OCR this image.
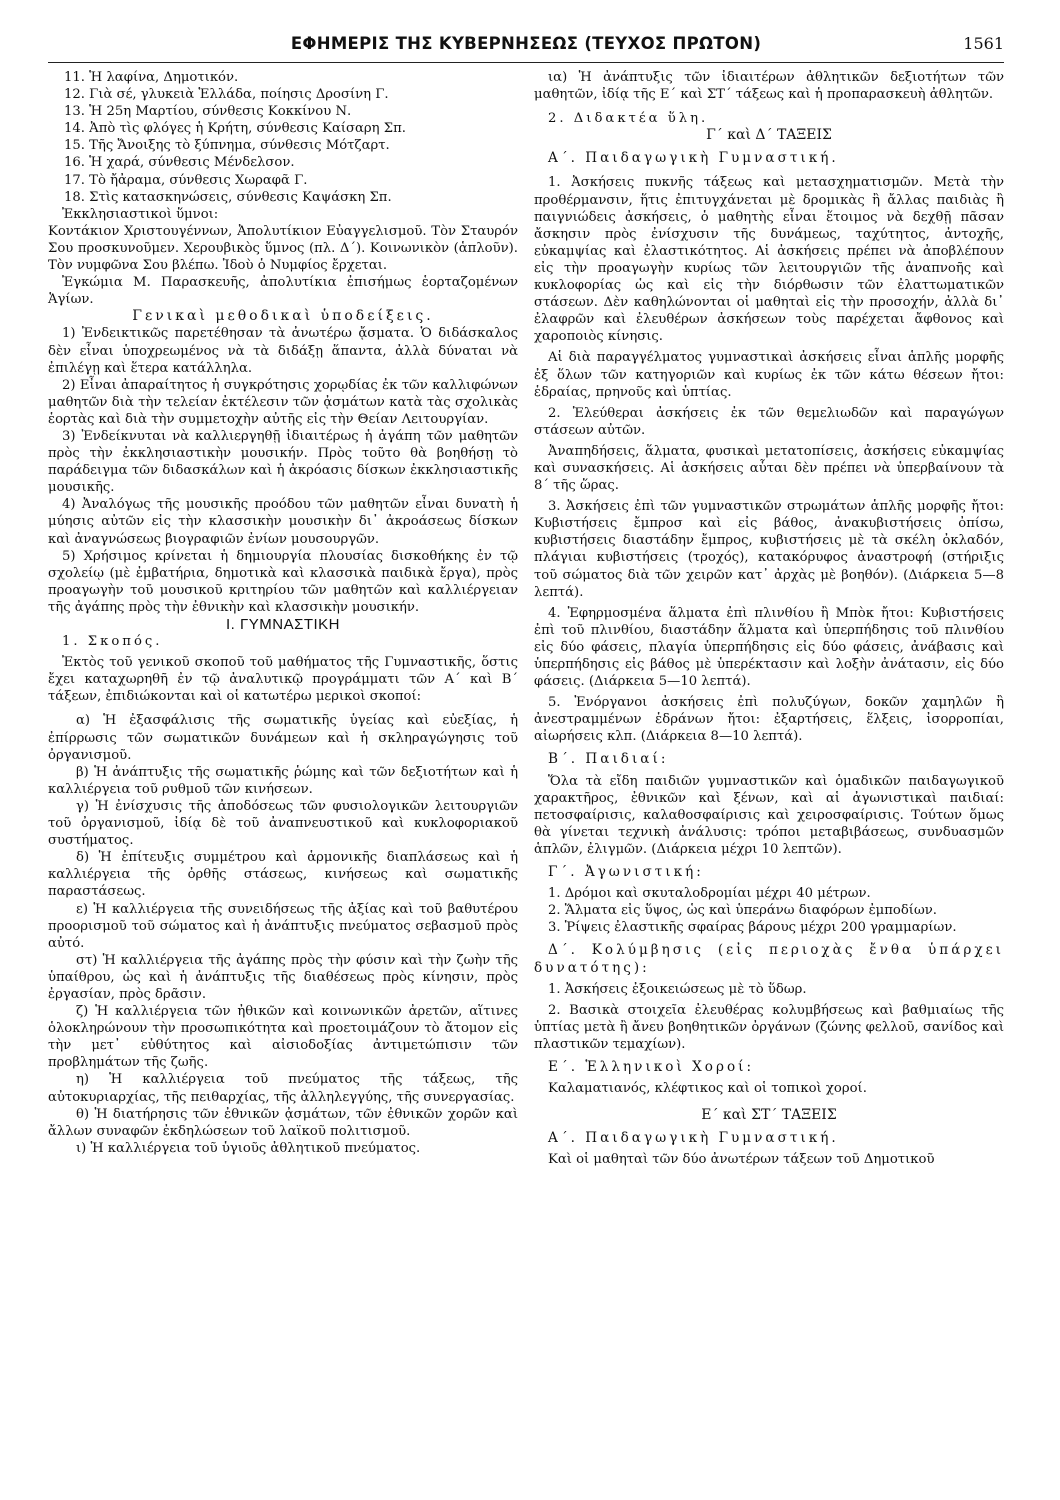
ΕΦΗΜΕΡΙΣ ΤΗΣ ΚΥΒΕΡΝΗΣΕΩΣ (ΤΕΥΧΟΣ ΠΡΩΤΟΝ)	1561

11. Ἡ λαφίνα, Δημοτικόν.

12. Γιὰ σέ, γλυκειὰ Ἑλλάδα, ποίησις Δροσίνη Γ.

13. Ἡ 25η Μαρτίου, σύνθεσις Κοκκίνου Ν.

14. Ἀπὸ τὶς φλόγες ἡ Κρήτη, σύνθεσις Καίσαρη Σπ.

15. Τῆς Ἄνοιξης τὸ ξύπνημα, σύνθεσις Μότζαρτ.

16. Ἡ χαρά, σύνθεσις Μένδελσον.

17. Τὸ ἤἀραμα, σύνθεσις Χωραφᾶ Γ.

18. Στὶς κατασκηνώσεις, σύνθεσις Καψάσκη Σπ.

Ἐκκλησιαστικοὶ ὕμνοι:

Κοντάκιον Χριστουγέννων, Ἀπολυτίκιον Εὐαγγελισμοῦ. Τὸν Σταυρόν Σου προσκυνοῦμεν. Χερουβικὸς ὕμνος (πλ. Δ΄). Κοινωνικὸν (ἁπλοῦν). Τὸν νυμφῶνα Σου βλέπω. Ἰδοὺ ὁ Νυμφίος ἔρχεται.

Ἐγκώμια Μ. Παρασκευῆς, ἀπολυτίκια ἐπισήμως ἑορταζομένων Ἁγίων.

Γενικαὶ μεθοδικαὶ ὑποδείξεις.

1) Ἐνδεικτικῶς παρετέθησαν τὰ ἀνωτέρω ᾄσματα. Ὁ διδάσκαλος δὲν εἶναι ὑποχρεωμένος νὰ τὰ διδάξῃ ἅπαντα, ἀλλὰ δύναται νὰ ἐπιλέγῃ καὶ ἕτερα κατάλληλα.

2) Εἶναι ἀπαραίτητος ἡ συγκρότησις χορῳδίας ἐκ τῶν καλλιφώνων μαθητῶν διὰ τὴν τελείαν ἐκτέλεσιν τῶν ᾀσμάτων κατὰ τὰς σχολικὰς ἑορτὰς καὶ διὰ τὴν συμμετοχὴν αὐτῆς εἰς τὴν Θείαν Λειτουργίαν.

3) Ἐνδείκνυται νὰ καλλιεργηθῇ ἰδιαιτέρως ἡ ἀγάπη τῶν μαθητῶν πρὸς τὴν ἐκκλησιαστικὴν μουσικήν. Πρὸς τοῦτο θὰ βοηθήσῃ τὸ παράδειγμα τῶν διδασκάλων καὶ ἡ ἀκρόασις δίσκων ἐκκλησιαστικῆς μουσικῆς.

4) Ἀναλόγως τῆς μουσικῆς προόδου τῶν μαθητῶν εἶναι δυνατὴ ἡ μύησις αὐτῶν εἰς τὴν κλασσικὴν μουσικὴν δι᾽ ἀκροάσεως δίσκων καὶ ἀναγνώσεως βιογραφιῶν ἐνίων μουσουργῶν.

5) Χρήσιμος κρίνεται ἡ δημιουργία πλουσίας δισκοθήκης ἐν τῷ σχολείῳ (μὲ ἐμβατήρια, δημοτικὰ καὶ κλασσικὰ παιδικὰ ἔργα), πρὸς προαγωγὴν τοῦ μουσικοῦ κριτηρίου τῶν μαθητῶν καὶ καλλιέργειαν τῆς ἀγάπης πρὸς τὴν ἐθνικὴν καὶ κλασσικὴν μουσικήν.

Ι. ΓΥΜΝΑΣΤΙΚΗ

1. Σκοπός.

Ἐκτὸς τοῦ γενικοῦ σκοποῦ τοῦ μαθήματος τῆς Γυμναστικῆς, ὅστις ἔχει καταχωρηθῆ ἐν τῷ ἀναλυτικῷ προγράμματι τῶν Α΄ καὶ Β΄ τάξεων, ἐπιδιώκονται καὶ οἱ κατωτέρω μερικοὶ σκοποί:

α) Ἡ ἐξασφάλισις τῆς σωματικῆς ὑγείας καὶ εὐεξίας, ἡ ἐπίρρωσις τῶν σωματικῶν δυνάμεων καὶ ἡ σκληραγώγησις τοῦ ὀργανισμοῦ.

β) Ἡ ἀνάπτυξις τῆς σωματικῆς ῥώμης καὶ τῶν δεξιοτήτων καὶ ἡ καλλιέργεια τοῦ ρυθμοῦ τῶν κινήσεων.

γ) Ἡ ἐνίσχυσις τῆς ἀποδόσεως τῶν φυσιολογικῶν λειτουργιῶν τοῦ ὀργανισμοῦ, ἰδίᾳ δὲ τοῦ ἀναπνευστικοῦ καὶ κυκλοφοριακοῦ συστήματος.

δ) Ἡ ἐπίτευξις συμμέτρου καὶ ἁρμονικῆς διαπλάσεως καὶ ἡ καλλιέργεια τῆς ὀρθῆς στάσεως, κινήσεως καὶ σωματικῆς παραστάσεως.

ε) Ἡ καλλιέργεια τῆς συνειδήσεως τῆς ἀξίας καὶ τοῦ βαθυτέρου προορισμοῦ τοῦ σώματος καὶ ἡ ἀνάπτυξις πνεύματος σεβασμοῦ πρὸς αὐτό.

στ) Ἡ καλλιέργεια τῆς ἀγάπης πρὸς τὴν φύσιν καὶ τὴν ζωὴν τῆς ὑπαίθρου, ὡς καὶ ἡ ἀνάπτυξις τῆς διαθέσεως πρὸς κίνησιν, πρὸς ἐργασίαν, πρὸς δρᾶσιν.

ζ) Ἡ καλλιέργεια τῶν ἠθικῶν καὶ κοινωνικῶν ἀρετῶν, αἵτινες ὁλοκληρώνουν τὴν προσωπικότητα καὶ προετοιμάζουν τὸ ἄτομον εἰς τὴν μετ᾽ εὐθύτητος καὶ αἰσιοδοξίας ἀντιμετώπισιν τῶν προβλημάτων τῆς ζωῆς.

η) Ἡ καλλιέργεια τοῦ πνεύματος τῆς τάξεως, τῆς αὐτοκυριαρχίας, τῆς πειθαρχίας, τῆς ἀλληλεγγύης, τῆς συνεργασίας.

θ) Ἡ διατήρησις τῶν ἐθνικῶν ᾀσμάτων, τῶν ἐθνικῶν χορῶν καὶ ἄλλων συναφῶν ἐκδηλώσεων τοῦ λαϊκοῦ πολιτισμοῦ.

ι) Ἡ καλλιέργεια τοῦ ὑγιοῦς ἀθλητικοῦ πνεύματος.

ια) Ἡ ἀνάπτυξις τῶν ἰδιαιτέρων ἀθλητικῶν δεξιοτήτων τῶν μαθητῶν, ἰδίᾳ τῆς Ε΄ καὶ ΣΤ΄ τάξεως καὶ ἡ προπαρασκευὴ ἀθλητῶν.

2. Διδακτέα ὕλη.

Γ΄ καὶ Δ΄ ΤΑΞΕΙΣ

Α΄. Παιδαγωγικὴ Γυμναστική.

1. Ἀσκήσεις πυκνῆς τάξεως καὶ μετασχηματισμῶν. Μετὰ τὴν προθέρμανσιν, ἥτις ἐπιτυγχάνεται μὲ δρομικὰς ἢ ἄλλας παιδιὰς ἢ παιγνιώδεις ἀσκήσεις, ὁ μαθητὴς εἶναι ἕτοιμος νὰ δεχθῇ πᾶσαν ἄσκησιν πρὸς ἐνίσχυσιν τῆς δυνάμεως, ταχύτητος, ἀντοχῆς, εὐκαμψίας καὶ ἐλαστικότητος. Αἱ ἀσκήσεις πρέπει νὰ ἀποβλέπουν εἰς τὴν προαγωγὴν κυρίως τῶν λειτουργιῶν τῆς ἀναπνοῆς καὶ κυκλοφορίας ὡς καὶ εἰς τὴν διόρθωσιν τῶν ἐλαττωματικῶν στάσεων. Δὲν καθηλώνονται οἱ μαθηταὶ εἰς τὴν προσοχήν, ἀλλὰ δι᾽ ἐλαφρῶν καὶ ἐλευθέρων ἀσκήσεων τοὺς παρέχεται ἄφθονος καὶ χαροποιὸς κίνησις.

Αἱ διὰ παραγγέλματος γυμναστικαὶ ἀσκήσεις εἶναι ἁπλῆς μορφῆς ἐξ ὅλων τῶν κατηγοριῶν καὶ κυρίως ἐκ τῶν κάτω θέσεων ἤτοι: ἑδραίας, πρηνοῦς καὶ ὑπτίας.

2. Ἐλεύθεραι ἀσκήσεις ἐκ τῶν θεμελιωδῶν καὶ παραγώγων στάσεων αὐτῶν.

Ἀναπηδήσεις, ἅλματα, φυσικαὶ μετατοπίσεις, ἀσκήσεις εὐκαμψίας καὶ συνασκήσεις. Αἱ ἀσκήσεις αὗται δὲν πρέπει νὰ ὑπερβαίνουν τὰ 8΄ τῆς ὥρας.

3. Ἀσκήσεις ἐπὶ τῶν γυμναστικῶν στρωμάτων ἁπλῆς μορφῆς ἤτοι: Κυβιστήσεις ἔμπροσ καὶ εἰς βάθος, ἀνακυβιστήσεις ὀπίσω, κυβιστήσεις διαστάδην ἔμπρος, κυβιστήσεις μὲ τὰ σκέλη ὀκλαδόν, πλάγιαι κυβιστήσεις (τροχός), κατακόρυφος ἀναστροφή (στήριξις τοῦ σώματος διὰ τῶν χειρῶν κατ᾽ ἀρχὰς μὲ βοηθόν). (Διάρκεια 5—8 λεπτά).

4. Ἐφηρμοσμένα ἅλματα ἐπὶ πλινθίου ἢ Μπὸκ ἤτοι: Κυβιστήσεις ἐπὶ τοῦ πλινθίου, διαστάδην ἅλματα καὶ ὑπερπήδησις τοῦ πλινθίου εἰς δύο φάσεις, πλαγία ὑπερπήδησις εἰς δύο φάσεις, ἀνάβασις καὶ ὑπερπήδησις εἰς βάθος μὲ ὑπερέκτασιν καὶ λοξὴν ἀνάτασιν, εἰς δύο φάσεις. (Διάρκεια 5—10 λεπτά).

5. Ἐνόργανοι ἀσκήσεις ἐπὶ πολυζύγων, δοκῶν χαμηλῶν ἢ ἀνεστραμμένων ἑδράνων ἤτοι: ἐξαρτήσεις, ἕλξεις, ἰσορροπίαι, αἰωρήσεις κλπ. (Διάρκεια 8—10 λεπτά).

Β΄. Παιδιαί:

Ὅλα τὰ εἴδη παιδιῶν γυμναστικῶν καὶ ὁμαδικῶν παιδαγωγικοῦ χαρακτῆρος, ἐθνικῶν καὶ ξένων, καὶ αἱ ἀγωνιστικαὶ παιδιαί: πετοσφαίρισις, καλαθοσφαίρισις καὶ χειροσφαίρισις. Τούτων ὅμως θὰ γίνεται τεχνικὴ ἀνάλυσις: τρόποι μεταβιβάσεως, συνδυασμῶν ἁπλῶν, ἐλιγμῶν. (Διάρκεια μέχρι 10 λεπτῶν).

Γ΄. Ἀγωνιστική:

1. Δρόμοι καὶ σκυταλοδρομίαι μέχρι 40 μέτρων.

2. Ἅλματα εἰς ὕψος, ὡς καὶ ὑπεράνω διαφόρων ἐμποδίων.

3. Ῥίψεις ἐλαστικῆς σφαίρας βάρους μέχρι 200 γραμμαρίων.

Δ΄. Κολύμβησις (εἰς περιοχὰς ἔνθα ὑπάρχει δυνατότης):

1. Ἀσκήσεις ἐξοικειώσεως μὲ τὸ ὕδωρ.

2. Βασικὰ στοιχεῖα ἐλευθέρας κολυμβήσεως καὶ βαθμιαίως τῆς ὑπτίας μετὰ ἢ ἄνευ βοηθητικῶν ὀργάνων (ζώνης φελλοῦ, σανίδος καὶ πλαστικῶν τεμαχίων).

Ε΄. Ἑλληνικοὶ Χοροί:

Καλαματιανός, κλέφτικος καὶ οἱ τοπικοὶ χοροί.

Ε΄ καὶ ΣΤ΄ ΤΑΞΕΙΣ

Α΄. Παιδαγωγικὴ Γυμναστική.

Καὶ οἱ μαθηταὶ τῶν δύο ἀνωτέρων τάξεων τοῦ Δημοτικοῦ
